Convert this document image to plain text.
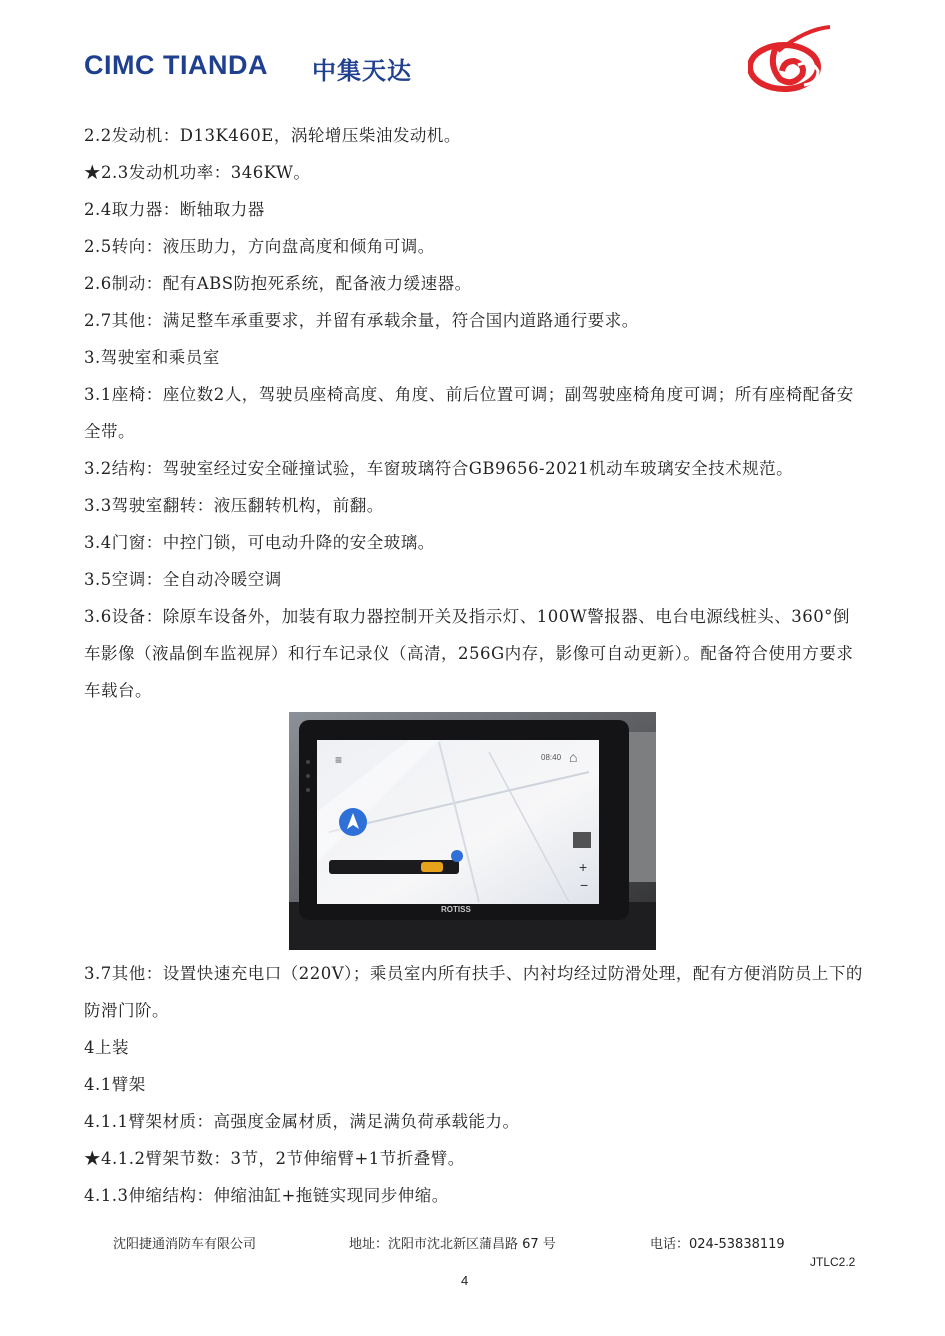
CIMC TIANDA 中集天达

2.2发动机：D13K460E，涡轮增压柴油发动机。

★2.3发动机功率：346KW。

2.4取力器：断轴取力器

2.5转向：液压助力，方向盘高度和倾角可调。

2.6制动：配有ABS防抱死系统，配备液力缓速器。

2.7其他：满足整车承重要求，并留有承载余量，符合国内道路通行要求。

3.驾驶室和乘员室

3.1座椅：座位数2人，驾驶员座椅高度、角度、前后位置可调；副驾驶座椅角度可调；所有座椅配备安全带。

3.2结构：驾驶室经过安全碰撞试验，车窗玻璃符合GB9656-2021机动车玻璃安全技术规范。

3.3驾驶室翻转：液压翻转机构，前翻。

3.4门窗：中控门锁，可电动升降的安全玻璃。

3.5空调：全自动冷暖空调

3.6设备：除原车设备外，加装有取力器控制开关及指示灯、100W警报器、电台电源线桩头、360°倒车影像（液晶倒车监视屏）和行车记录仪（高清，256G内存，影像可自动更新）。配备符合使用方要求车载台。

+
−
⌂
08:40
≡
ROTISS

3.7其他：设置快速充电口（220V）；乘员室内所有扶手、内衬均经过防滑处理，配有方便消防员上下的防滑门阶。

4上装

4.1臂架

4.1.1臂架材质：高强度金属材质，满足满负荷承载能力。

★4.1.2臂架节数：3节，2节伸缩臂+1节折叠臂。

4.1.3伸缩结构：伸缩油缸+拖链实现同步伸缩。

沈阳捷通消防车有限公司	地址：沈阳市沈北新区蒲昌路 67 号	电话：024-53838119
JTLC2.2
4
